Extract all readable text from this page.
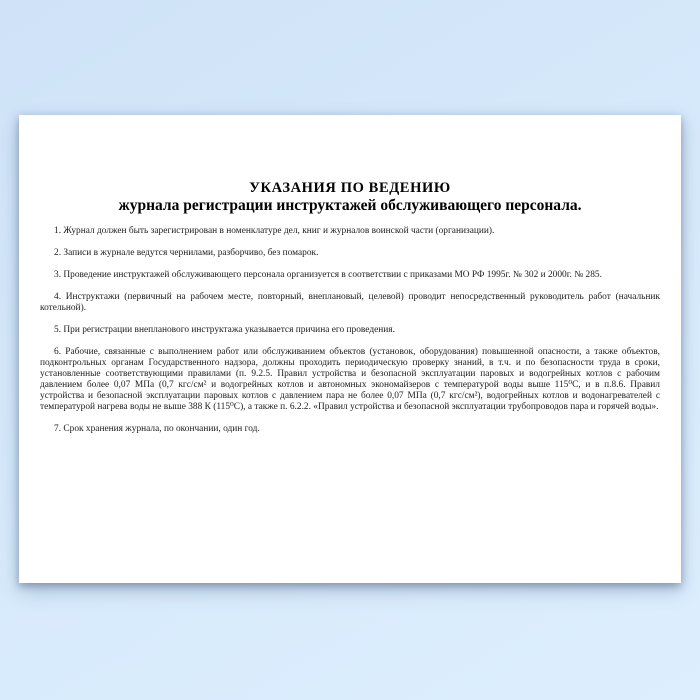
УКАЗАНИЯ ПО ВЕДЕНИЮ
журнала регистрации инструктажей обслуживающего персонала.

1. Журнал должен быть зарегистрирован в номенклатуре дел, книг и журналов воинской части (организации).

2. Записи в журнале ведутся чернилами, разборчиво, без помарок.

3. Проведение инструктажей обслуживающего персонала организуется в соответствии с приказами МО РФ 1995г. № 302 и 2000г. № 285.

4. Инструктажи (первичный на рабочем месте, повторный, внеплановый, целевой) проводит непосредственный руководитель работ (начальник котельной).

5. При регистрации внепланового инструктажа указывается причина его проведения.

6. Рабочие, связанные с выполнением работ или обслуживанием объектов (установок, оборудования) повышенной опасности, а также объектов, подконтрольных органам Государственного надзора, должны проходить периодическую проверку знаний, в т.ч. и по безопасности труда в сроки, установленные соответствующими правилами (п. 9.2.5. Правил устройства и безопасной эксплуатации паровых и водогрейных котлов с рабочим давлением более 0,07 МПа (0,7 кгс/см² и водогрейных котлов и автономных экономайзеров с температурой воды выше 115⁰С, и в п.8.6. Правил устройства и безопасной эксплуатации паровых котлов с давлением пара не более 0,07 МПа (0,7 кгс/см²), водогрейных котлов и водонагревателей с температурой нагрева воды не выше 388 К (115⁰С), а также п. 6.2.2. «Правил устройства и безопасной эксплуатации трубопроводов пара и горячей воды».

7. Срок хранения журнала, по окончании, один год.
